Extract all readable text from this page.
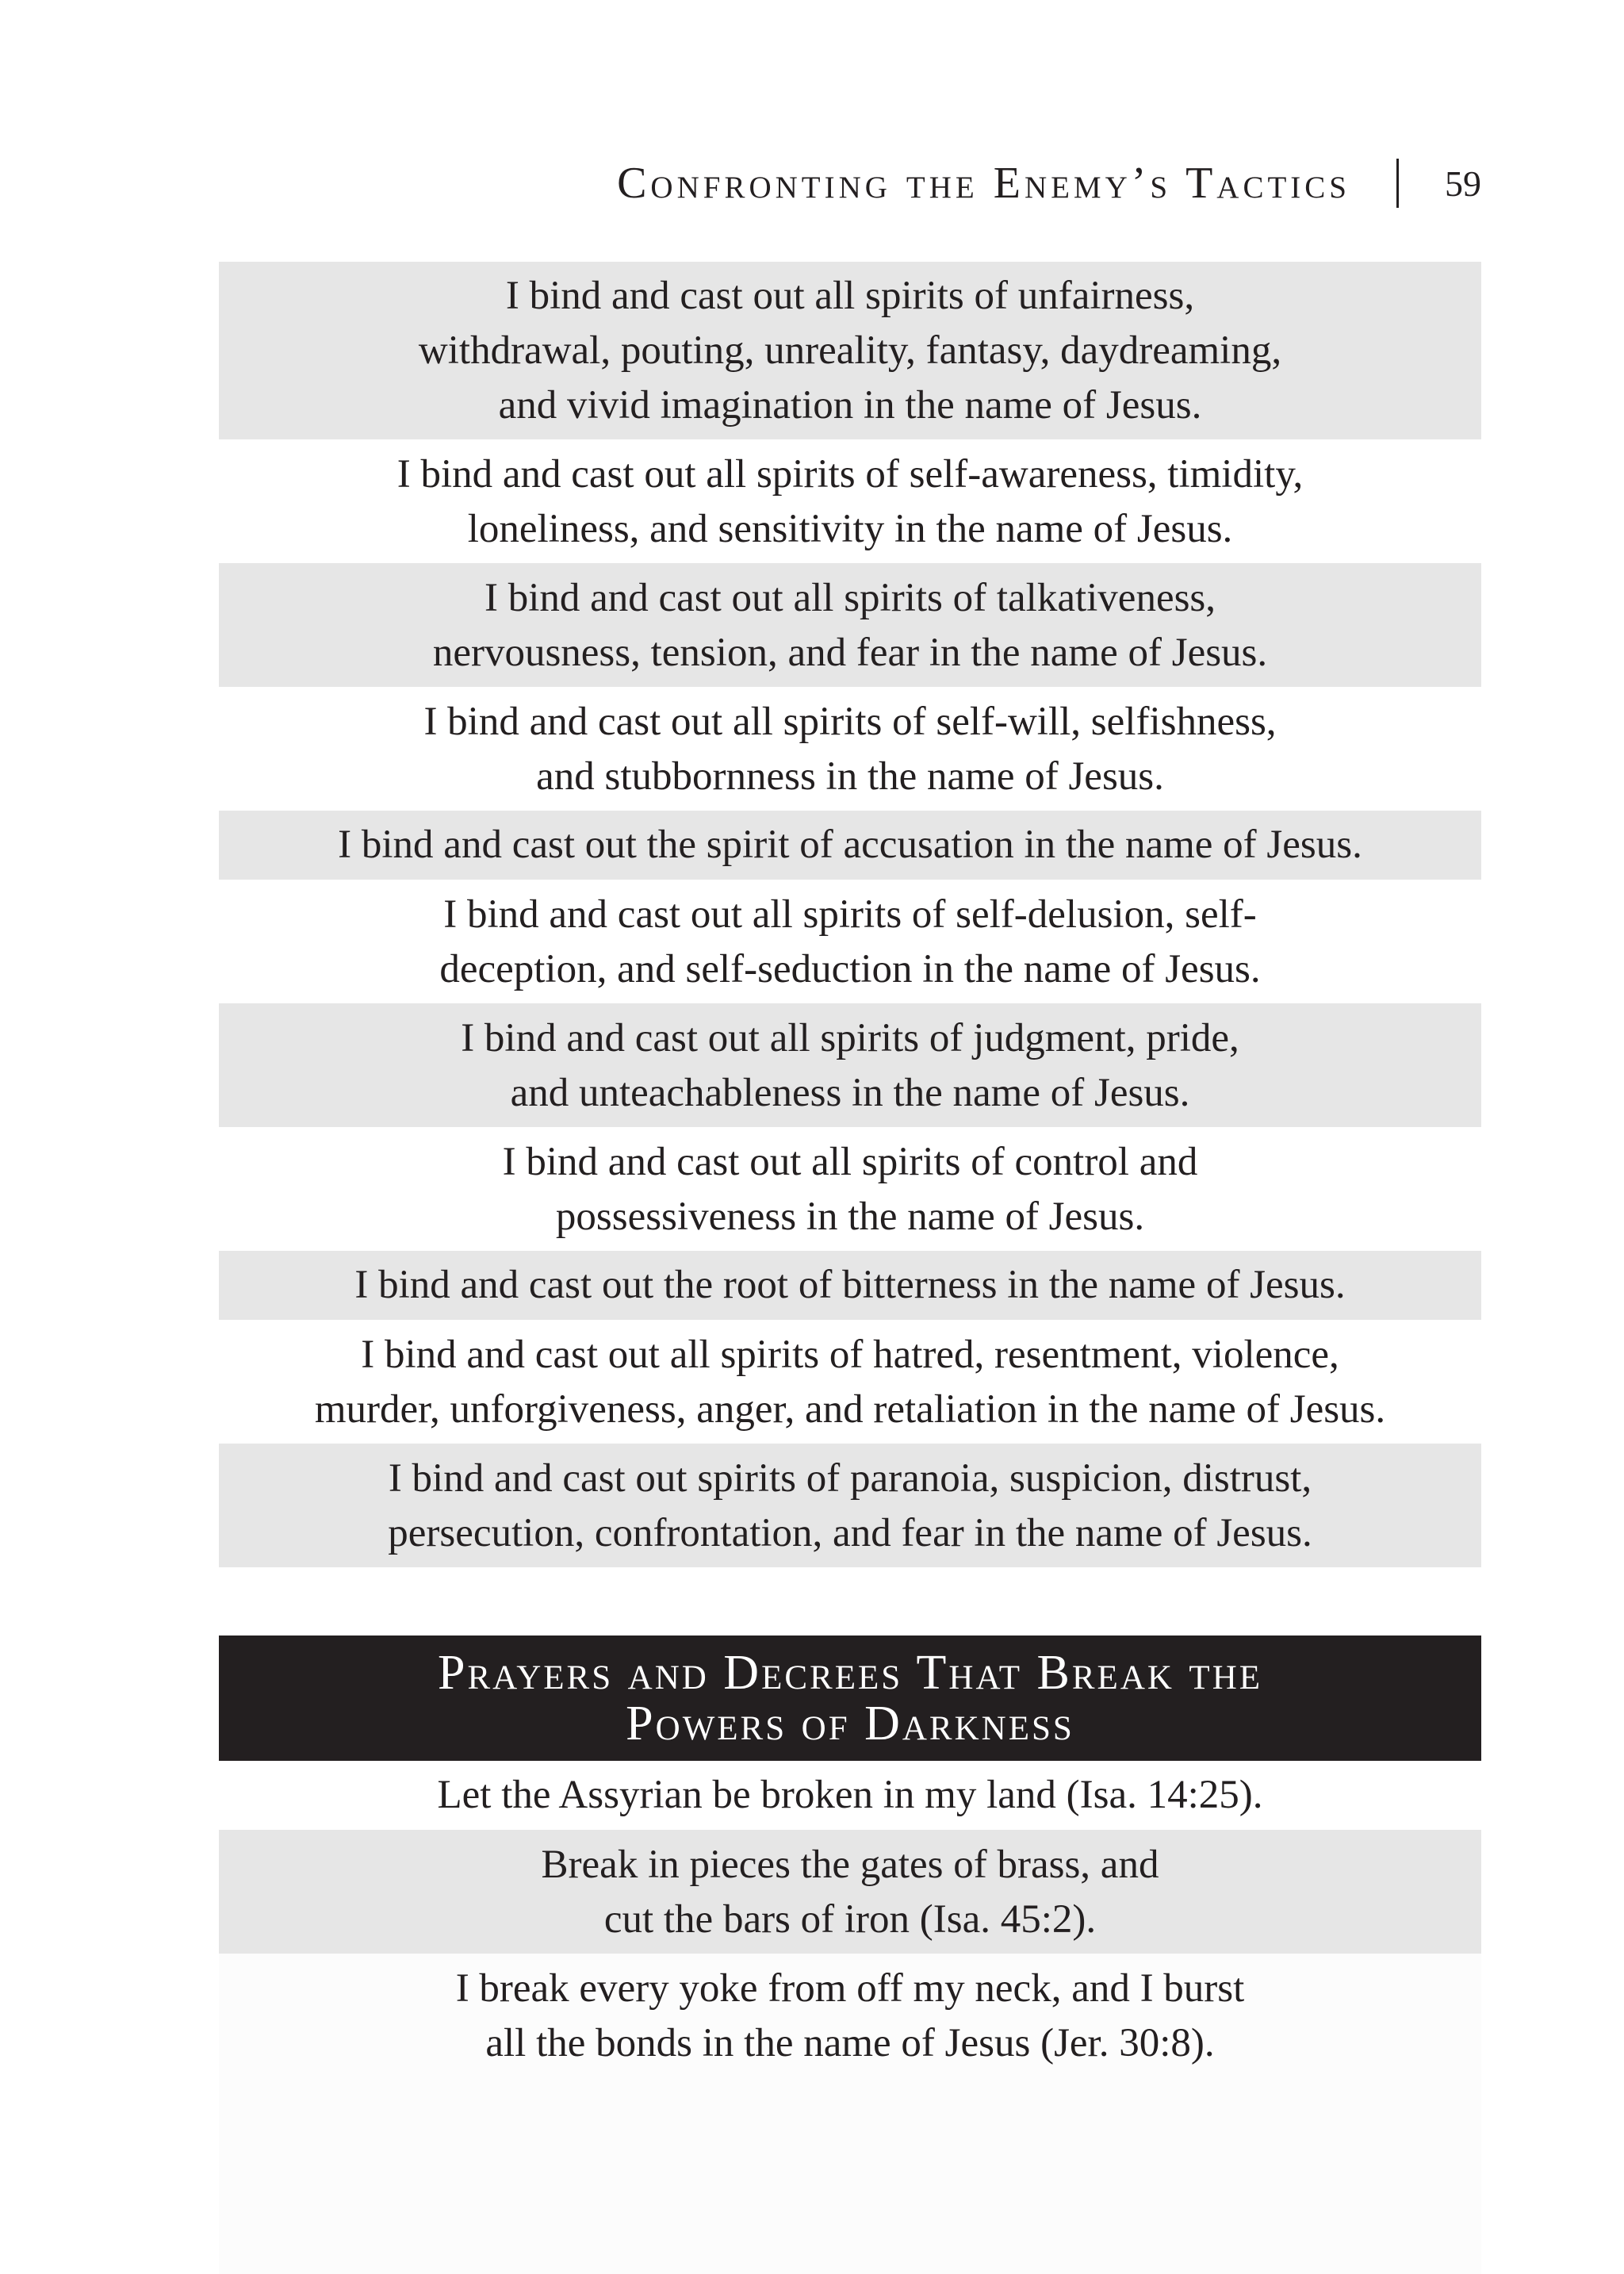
Confronting the Enemy’s Tactics	59
I bind and cast out all spirits of unfairness,
withdrawal, pouting, unreality, fantasy, daydreaming,
and vivid imagination in the name of Jesus.
I bind and cast out all spirits of self-awareness, timidity,
loneliness, and sensitivity in the name of Jesus.
I bind and cast out all spirits of talkativeness,
nervousness, tension, and fear in the name of Jesus.
I bind and cast out all spirits of self-will, selfishness,
and stubbornness in the name of Jesus.
I bind and cast out the spirit of accusation in the name of Jesus.
I bind and cast out all spirits of self-delusion, self-
deception, and self-seduction in the name of Jesus.
I bind and cast out all spirits of judgment, pride,
and unteachableness in the name of Jesus.
I bind and cast out all spirits of control and
possessiveness in the name of Jesus.
I bind and cast out the root of bitterness in the name of Jesus.
I bind and cast out all spirits of hatred, resentment, violence,
murder, unforgiveness, anger, and retaliation in the name of Jesus.
I bind and cast out spirits of paranoia, suspicion, distrust,
persecution, confrontation, and fear in the name of Jesus.
Prayers and Decrees That Break the
Powers of Darkness
Let the Assyrian be broken in my land (Isa. 14:25).
Break in pieces the gates of brass, and
cut the bars of iron (Isa. 45:2).
I break every yoke from off my neck, and I burst
all the bonds in the name of Jesus (Jer. 30:8).
